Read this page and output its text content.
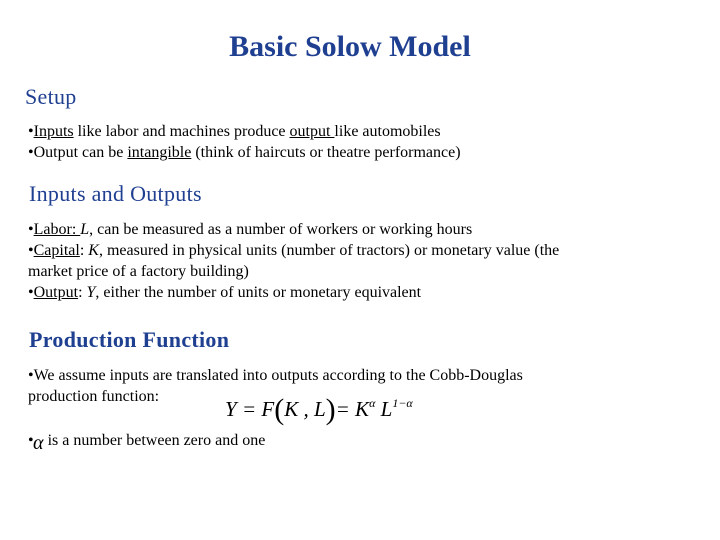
Basic Solow Model
Setup
•Inputs like labor and machines produce output like automobiles
•Output can be intangible (think of haircuts or theatre performance)
Inputs and Outputs
•Labor: L, can be measured as a number of workers or working hours
•Capital: K, measured in physical units (number of tractors) or monetary value (the
market price of a factory building)
•Output: Y, either the number of units or monetary equivalent
Production Function
•We assume inputs are translated into outputs according to the Cobb-Douglas
production function:
Y = F(K , $L)= K^\alpha$ $L^{1-\alpha}$
• is a number between zero and one
α
